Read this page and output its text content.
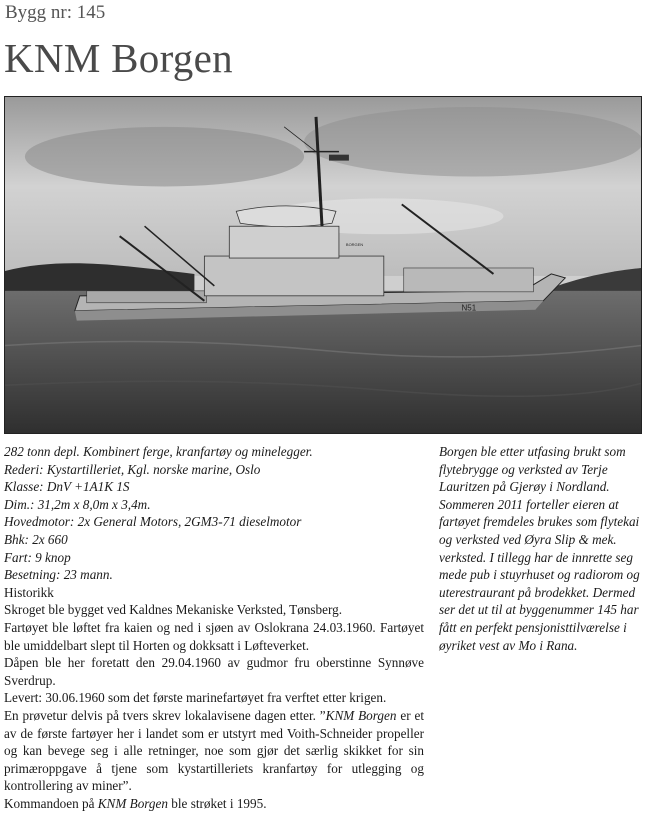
Bygg nr: 145
KNM Borgen
N51
BORGEN

282 tonn depl. Kombinert ferge, kranfartøy og minelegger.

Rederi: Kystartilleriet, Kgl. norske marine, Oslo

Klasse: DnV +1A1K 1S

Dim.: 31,2m x 8,0m x 3,4m.

Hovedmotor: 2x General Motors, 2GM3-71 dieselmotor

Bhk: 2x 660

Fart: 9 knop

Besetning: 23 mann.

Historikk

Skroget ble bygget ved Kaldnes Mekaniske Verksted, Tønsberg.

Fartøyet ble løftet fra kaien og ned i sjøen av Oslokrana 24.03.1960. Fartøyet ble umiddelbart slept til Horten og dokksatt i Løfteverket.

Dåpen ble her foretatt den 29.04.1960 av gudmor fru oberstinne Synnøve Sverdrup.

Levert: 30.06.1960 som det første marinefartøyet fra verftet etter krigen.

En prøvetur delvis på tvers skrev lokalavisene dagen etter. ”KNM Borgen er et av de første fartøyer her i landet som er utstyrt med Voith-Schneider propeller og kan bevege seg i alle retninger, noe som gjør det særlig skikket for sin primæroppgave å tjene som kystartilleriets kranfartøy for utlegging og kontrollering av miner”.

Kommandoen på KNM Borgen ble strøket i 1995.

Borgen ble etter utfasing brukt som flytebrygge og verksted av Terje Lauritzen på Gjerøy i Nordland. Sommeren 2011 forteller eieren at fartøyet fremdeles brukes som flytekai og verksted ved Øyra Slip & mek. verksted. I tillegg har de innrette seg mede pub i stuyrhuset og radiorom og uterestraurant på brodekket. Dermed ser det ut til at byggenummer 145 har fått en perfekt pensjonisttilværelse i øyriket vest av Mo i Rana.
